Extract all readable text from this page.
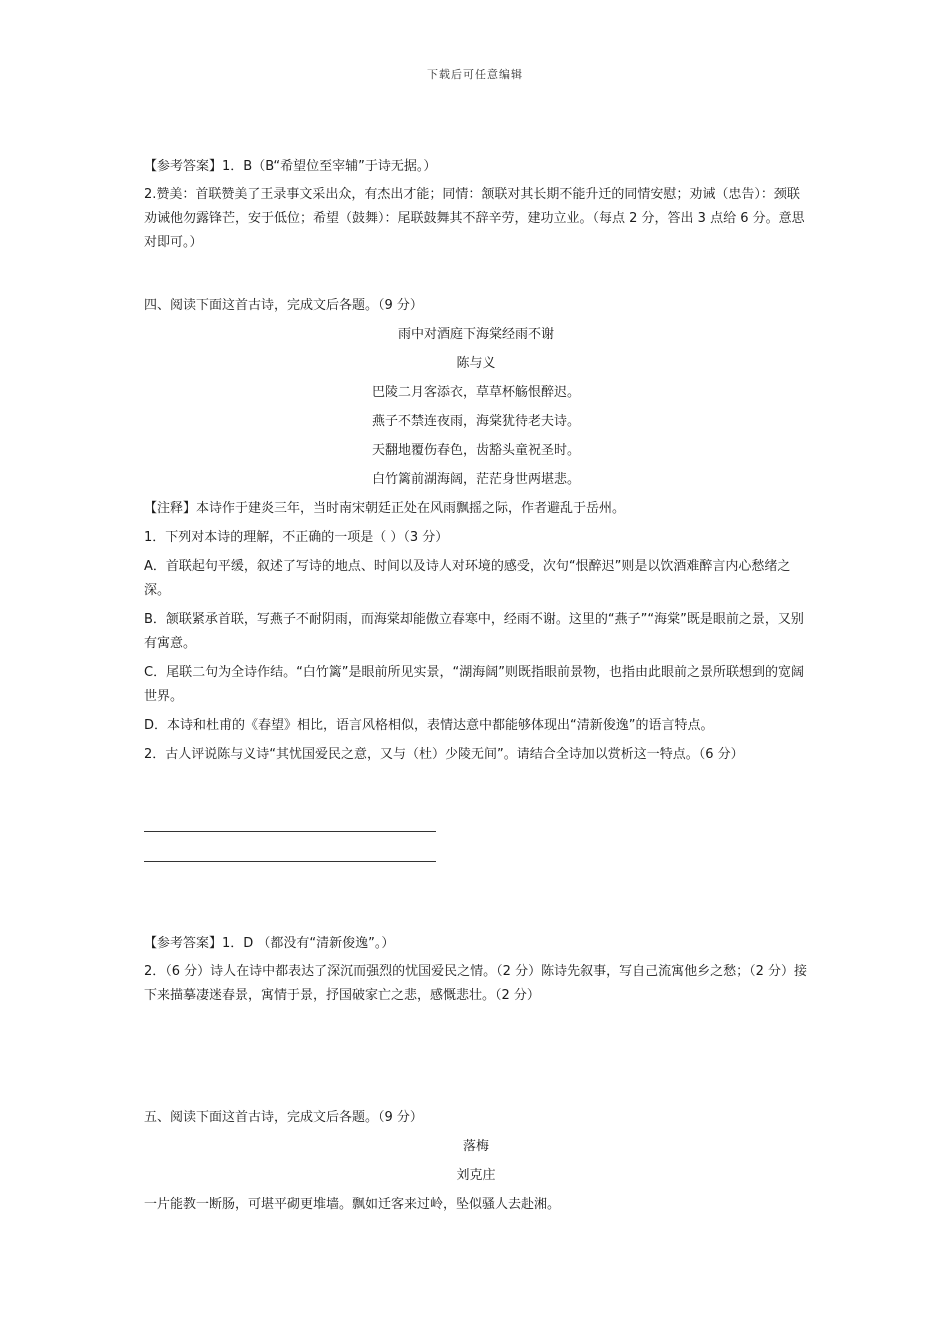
下载后可任意编辑

【参考答案】1．B（B“希望位至宰辅”于诗无据。）

2.赞美：首联赞美了王录事文采出众，有杰出才能；同情：颔联对其长期不能升迁的同情安慰；劝诫（忠告）：颈联劝诫他勿露锋芒，安于低位；希望（鼓舞）：尾联鼓舞其不辞辛劳，建功立业。（每点 2 分，答出 3 点给 6 分。意思对即可。）

四、阅读下面这首古诗，完成文后各题。（9 分）

雨中对酒庭下海棠经雨不谢

陈与义

巴陵二月客添衣，草草杯觞恨醉迟。

燕子不禁连夜雨，海棠犹待老夫诗。

天翻地覆伤春色，齿豁头童祝圣时。

白竹篱前湖海阔，茫茫身世两堪悲。

【注释】本诗作于建炎三年，当时南宋朝廷正处在风雨飘摇之际，作者避乱于岳州。

1．下列对本诗的理解，不正确的一项是（ ）（3 分）

A．首联起句平缓，叙述了写诗的地点、时间以及诗人对环境的感受，次句“恨醉迟”则是以饮酒难醉言内心愁绪之深。

B．颔联紧承首联，写燕子不耐阴雨，而海棠却能傲立春寒中，经雨不谢。这里的“燕子”“海棠”既是眼前之景，又别有寓意。

C．尾联二句为全诗作结。“白竹篱”是眼前所见实景，“湖海阔”则既指眼前景物，也指由此眼前之景所联想到的宽阔世界。

D．本诗和杜甫的《春望》相比，语言风格相似，表情达意中都能够体现出“清新俊逸”的语言特点。

2．古人评说陈与义诗“其忧国爱民之意，又与（杜）少陵无间”。请结合全诗加以赏析这一特点。（6 分）

【参考答案】1．D （都没有“清新俊逸”。）

2．（6 分）诗人在诗中都表达了深沉而强烈的忧国爱民之情。（2 分）陈诗先叙事，写自己流寓他乡之愁；（2 分）接下来描摹凄迷春景，寓情于景，抒国破家亡之悲，感慨悲壮。（2 分）

五、阅读下面这首古诗，完成文后各题。（9 分）

落梅

刘克庄

一片能教一断肠，可堪平砌更堆墙。飘如迁客来过岭，坠似骚人去赴湘。
